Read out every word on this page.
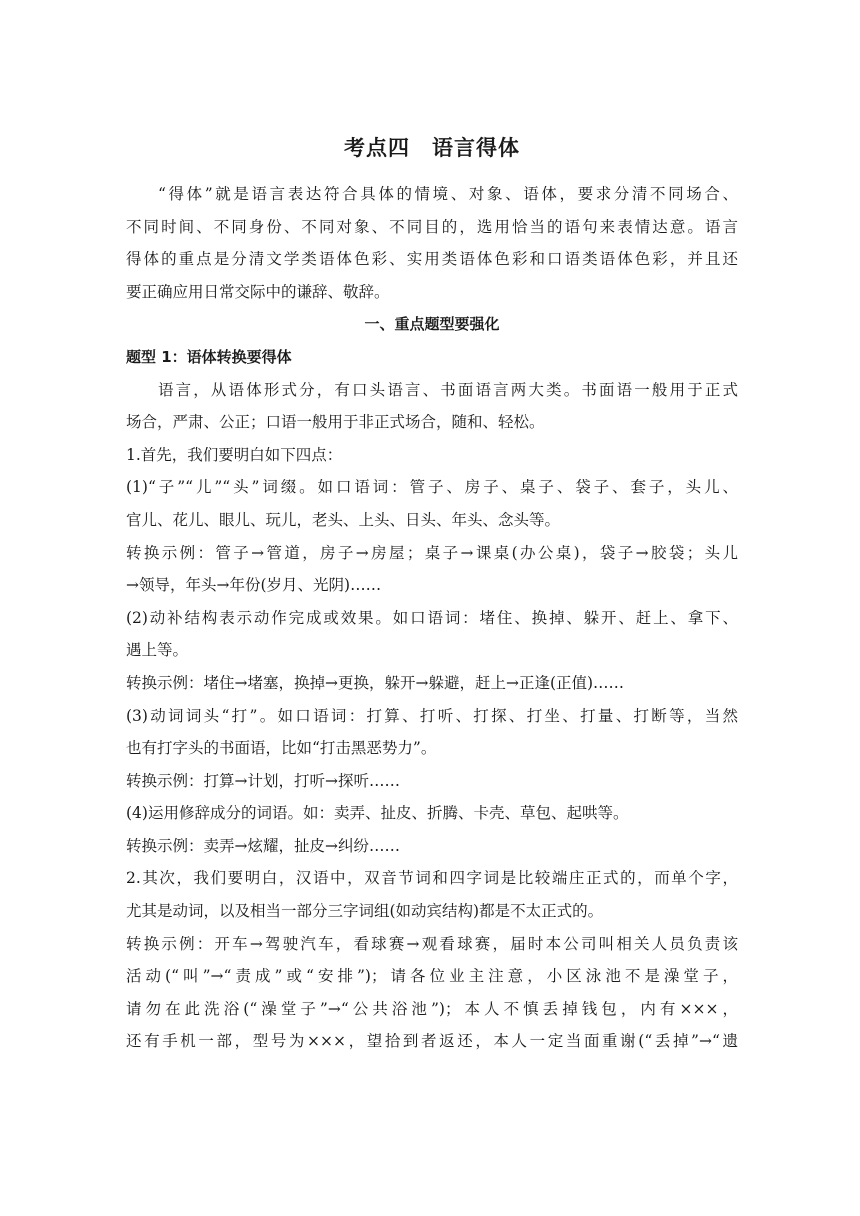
考点四　语言得体
“得体”就是语言表达符合具体的情境、对象、语体，要求分清不同场合、
不同时间、不同身份、不同对象、不同目的，选用恰当的语句来表情达意。语言
得体的重点是分清文学类语体色彩、实用类语体色彩和口语类语体色彩，并且还
要正确应用日常交际中的谦辞、敬辞。
一、重点题型要强化
题型 1：语体转换要得体
语言，从语体形式分，有口头语言、书面语言两大类。书面语一般用于正式
场合，严肃、公正；口语一般用于非正式场合，随和、轻松。
1.首先，我们要明白如下四点：
(1)“子”“儿”“头”词缀。如口语词：管子、房子、桌子、袋子、套子，头儿、
官儿、花儿、眼儿、玩儿，老头、上头、日头、年头、念头等。
转换示例：管子→管道，房子→房屋；桌子→课桌(办公桌)，袋子→胶袋；头儿
→领导，年头→年份(岁月、光阴)……
(2)动补结构表示动作完成或效果。如口语词：堵住、换掉、躲开、赶上、拿下、
遇上等。
转换示例：堵住→堵塞，换掉→更换，躲开→躲避，赶上→正逢(正值)……
(3)动词词头“打”。如口语词：打算、打听、打探、打坐、打量、打断等，当然
也有打字头的书面语，比如“打击黑恶势力”。
转换示例：打算→计划，打听→探听……
(4)运用修辞成分的词语。如：卖弄、扯皮、折腾、卡壳、草包、起哄等。
转换示例：卖弄→炫耀，扯皮→纠纷……
2.其次，我们要明白，汉语中，双音节词和四字词是比较端庄正式的，而单个字，
尤其是动词，以及相当一部分三字词组(如动宾结构)都是不太正式的。
转换示例：开车→驾驶汽车，看球赛→观看球赛，届时本公司叫相关人员负责该
活动(“叫”→“责成”或“安排”)；请各位业主注意，小区泳池不是澡堂子，
请勿在此洗浴(“澡堂子”→“公共浴池”)；本人不慎丢掉钱包，内有×××，
还有手机一部，型号为×××，望拾到者返还，本人一定当面重谢(“丢掉”→“遗
